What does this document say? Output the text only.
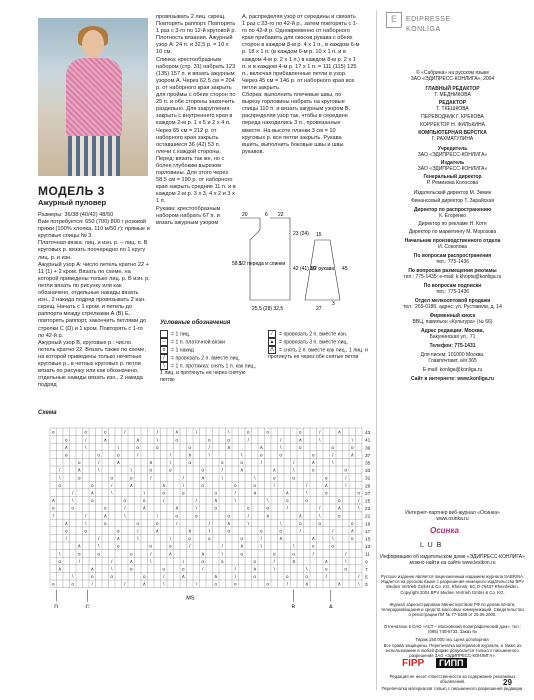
МОДЕЛЬ 3
Ажурный пуловер
Размеры: 36/38 (40/42) 48/50
Вам потребуется: 650 (700) 800 г розовой пряжи (100% хлопка, 110 м/50 г); прямые и круговые спицы № 3.
Платочная вязка: лиц. и изн. р. – лиц. п. В круговых р. вязать поочередно по 1 кругу лиц. р. и изн.
Ажурный узор А: число петель кратно 22 + 11 (1) + 2 кром. Вязать по схеме, на которой приведены только лиц. р. В изн. р. петли вязать по рисунку или как обозначено, отдельные накиды вязать изн., 2 накида подряд провязывать 2 изн. скрещ. Начать с 1 кром. и петель до раппорта между стрелками А (В) Е, повторять раппорт, закончить петлями до стрелки С (D) и 1 кром. Повторять с 1-го по 42-й р.
Ажурный узор В, круговые р.: число петель кратно 22. Вязать также по схеме, на которой приведены только нечетные круговые р., в четных круговых р. петли вязать по рисунку или как обозначено, отдельные накиды вязать изн., 2 накида подряд
провязывать 2 лиц. скрещ. Повторять раппорт. Повторять 1 раз с 3-го по 12-й круговой р.
Плотность вязания. Ажурный узор А: 24 п. и 32,5 р. = 10 х 10 см.
Спинка: крестообразным набором (стр. 31) набрать 123 (135) 157 п. и вязать ажурным узором А. Через 62,5 см = 204 р. от наборного края закрыть для проймы с обеих сторон по 25 п. и обе стороны закончить раздельно. Для закругления закрыть с внутреннего края в каждом 2-м р. 1 х 5 и 2 х 4 п. Через 65 см = 212 р. от наборного края закрыть оставшиеся 36 (42) 53 п. плечи с каждой стороны.
Перед: вязать так же, но с более глубоким вырезом горловины. Для этого через 58,5 см = 190 р. от наборного края закрыть средние 11 п. и в каждом 2-м р. 3 х 3, 4 х 2 и 3 х 1 п.
Рукава: крестообразным набором набрать 67 п. и вязать ажурным узором
А, распределяя узор от середины и связать 1 раз с 23-го по 42-й р., затем повторять с 1-го по 42-й р. Одновременно от наборного края прибавить для скосов рукава с обеих сторон в каждом 8-м р. 4 х 1 п., в каждом 6-м р. 18 х 1 п. (в каждом 6-м р. 10 х 1 п. и в каждом 4-м р. 2 х 1 п.) в каждом 8-м р. 2 х 1 п. и в каждом 4-м р. 17 х 1 п. = 111 (115) 125 п., включая прибавленные петли в узор. Через 45 см = 146 р. от наборного края все петли закрыть.
Сборка: выполнить плечевые швы, по вырезу горловины набрать на круговые спицы 110 п. и вязать ажурным узором В, распределяя узор так, чтобы в середине переда находились 3 п., провязанные вместе. На высоте планки 3 см = 10 круговых р. все петли закрыть. Рукава вшить, выполнить боковые швы и швы рукавов.
1/2 переда и спинки
1/2 рукава
58,5
23 (24)
42 (41) 39
25,5 (28) 32,5
15
45
27
6
20	22
3
Условные обозначения
= 1 лиц.
– = 1 п. платочной вязки
o = 1 накид
/ = провязать 2 п. вместе лиц.
\ = 1 п. протяжка: снять 1 п. как лиц., 1 лиц. и протянуть ее через снятую петлю
⁄ = провязать 2 п. вместе изн.
▲ = провязать 3 п. вместе лиц.
Λ = снять 2 п. вместе как лиц., 1 лиц. и протянуть ее через обе снятые петли
Схема
o	o	o	/	/	∧	\	\	o	o	o	/	∧
o	/	∧	∧	\	o	o	o	/	/	∧	\	\
∧	\	\	o	o	o	/	∧	∧	\	o	o	o
o	o	o	/	/	∧	\	\	o	o	o	/	∧
o	/	∧	∧	\	o	o	o	/	/	∧	\
/	∧	\	\	o	o	o	/	∧	∧	\	o	o
\	o	o	o	/	/	∧	\	\	o	o	o	/
o	o	/	∧	∧	\	o	o	o	/	/	∧	\
/	∧	\	\	o	o	o	/	∧	∧	\	o	o
∧	\	o	o	o	/	/	∧	\	\	o	o	o	/
o	o	o	/	∧	∧	\	o	o	o	/	/	∧	\
/	/	∧	\	\	o	o	o	/	∧	∧	\	o
∧	\	o	o	o	/	/	∧	\	\	o	o	o
o	o	o	/	∧	∧	\	o	o	o	/	/	∧
/	/	∧	\	\	o	o	o	/	∧	∧	\	o
∧	\	o	o	o	/	/	∧	\	\	o	o
\	o	o	o	/	∧	∧	\	o	o	o	/	/
o	/	/	∧	\	\	o	o	o	/	∧	∧	\
∧	∧	\	o	o	o	/	/	∧	\	\	o	o
\	o	o	o	/	∧	∧	\	o	o	o	/	/
o	o	/	/	∧	\	\	o	o	o	/	∧	∧	\
43
41
39
37
35
33
31
29
27
25
23
21
19
17
15
13
11
9
7
5
3
MS
D	C	B	A
E	EDIPRESSE
KONLIGA
© «Сабрина» на русском языке
ЗАО «ЭДИПРЕСС-КОНЛИГА», 2004
ГЛАВНЫЙ РЕДАКТОР
Т. МЕДНИКОВА
РЕДАКТОР
Т. ТКЕШКОВА
ПЕРЕВОДЧИК Г. КРЕКОВА
КОРРЕКТОР Н. ФИЛЬКИНА
КОМПЬЮТЕРНАЯ ВЕРСТКА
Г. РАХМАТУЛИНА
Учредитель
ЗАО «ЭДИПРЕСС-КОНЛИГА»
Издатель
ЗАО «ЭДИПРЕСС-КОНЛИГА»
Генеральный директор
Р. Ремизова Колосова
Издательский директор М. Земин
Финансовый директор Т. Зарайская
Директор по распространению
К. Егоренко
Директор по рекламе Н. Котя
Директор по маркетингу М. Морозова
Начальник производственного отдела
И. Соколова
По вопросам распространения
тел.: 775-1436
По вопросам размещения рекламы
тел.: 775-1435; e-mail: k.khopta@konliga.ru
По вопросам подписки
тел.: 775-1436
Отдел мелкооптовой продажи
тел.: 269-0186, адрес: ул. Руставели, д. 14
Фирменный киоск
ВВЦ, павильон «Культура» (№ 66)
Адрес редакции: Москва,
Бакунинская ул., 71
Телефон: 775-1431
Для писем: 101000 Москва,
Главпочтамт, а/я 365
E-mail: konliga@konliga.ru
Сайт в интернете: www.konliga.ru
Интернет-партнер веб-журнал «Осинка»
www.osinka.ru
Осинка
Информацию об издательском доме «ЭДИПРЕСС-КОНЛИГА» можно найти на сайте www.lexikon.ru
L U B
Русское издание является лицензионным изданием журнала SABRINA. Издается на русском языке с разрешения немецкого издательства BPV Medien Vertrieb GmbH & Co. KG, Rheinstr. 50, D-76437 Rheinfelden. Copyright 2004 BPV Medien Vertrieb GmbH & Co. KG.
Журнал зарегистрирован Министерством РФ по делам печати, телерадиовещания и средств массовых коммуникаций. Свидетельство о регистрации ПИ № 77-5489 от 29.09.2000.
Отпечатано в ОАО «АСТ – Московский полиграфический дом», тел.: (095) 748-6733. Заказ №
Тираж 150 000 экз. Цена договорная.
Все права защищены. Перепечатка материалов журнала, а также их использование в любой форме допускается только с письменного разрешения ЗАО «ЭДИПРЕСС-КОНЛИГА».
FIPP	ГИПП
Редакция не несет ответственности за содержание рекламных объявлений.
Перепечатка материалов только с письменного разрешения редакции.
29
